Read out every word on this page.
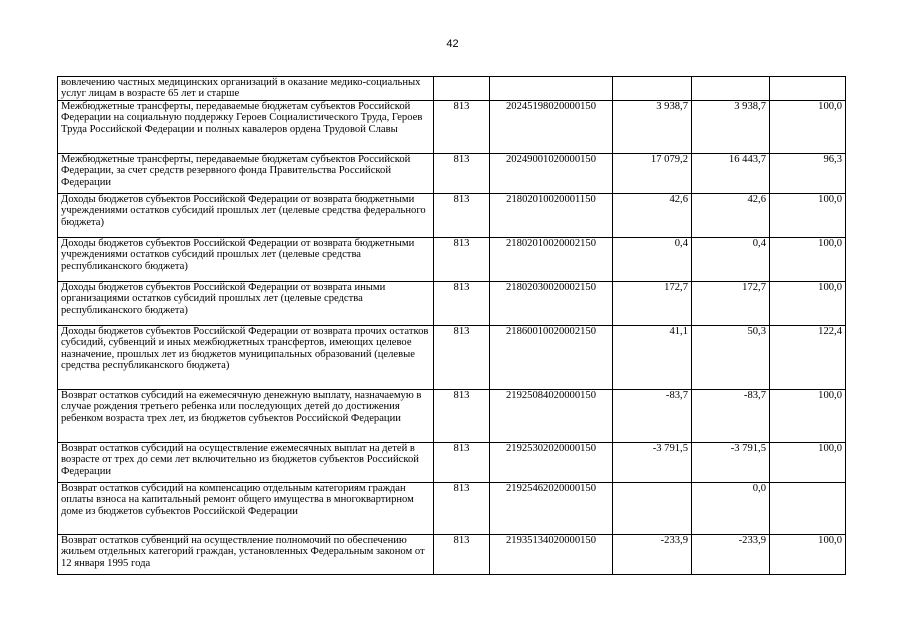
42
вовлечению частных медицинских организаций в оказание медико-социальных услуг лицам в возрасте 65 лет и старше					
Межбюджетные трансферты, передаваемые бюджетам субъектов Российской Федерации на социальную поддержку Героев Социалистического Труда, Героев Труда Российской Федерации и полных кавалеров ордена Трудовой Славы	813	20245198020000150	3 938,7	3 938,7	100,0
Межбюджетные трансферты, передаваемые бюджетам субъектов Российской Федерации, за счет средств резервного фонда Правительства Российской Федерации	813	20249001020000150	17 079,2	16 443,7	96,3
Доходы бюджетов субъектов Российской Федерации от возврата бюджетными учреждениями остатков субсидий прошлых лет (целевые средства федерального бюджета)	813	21802010020001150	42,6	42,6	100,0
Доходы бюджетов субъектов Российской Федерации от возврата бюджетными учреждениями остатков субсидий прошлых лет (целевые средства республиканского бюджета)	813	21802010020002150	0,4	0,4	100,0
Доходы бюджетов субъектов Российской Федерации от возврата иными организациями остатков субсидий прошлых лет (целевые средства республиканского бюджета)	813	21802030020002150	172,7	172,7	100,0
Доходы бюджетов субъектов Российской Федерации от возврата прочих остатков субсидий, субвенций и иных межбюджетных трансфертов, имеющих целевое назначение, прошлых лет из бюджетов муниципальных образований (целевые средства республиканского бюджета)	813	21860010020002150	41,1	50,3	122,4
Возврат остатков субсидий на ежемесячную денежную выплату, назначаемую в случае рождения третьего ребенка или последующих детей до достижения ребенком возраста трех лет, из бюджетов субъектов Российской Федерации	813	21925084020000150	-83,7	-83,7	100,0
Возврат остатков субсидий на осуществление ежемесячных выплат на детей в возрасте от трех до семи лет включительно из бюджетов субъектов Российской Федерации	813	21925302020000150	-3 791,5	-3 791,5	100,0
Возврат остатков субсидий на компенсацию отдельным категориям граждан оплаты взноса на капитальный ремонт общего имущества в многоквартирном доме из бюджетов субъектов Российской Федерации	813	21925462020000150		0,0	
Возврат остатков субвенций на осуществление полномочий по обеспечению жильем отдельных категорий граждан, установленных Федеральным законом от 12 января 1995 года	813	21935134020000150	-233,9	-233,9	100,0
